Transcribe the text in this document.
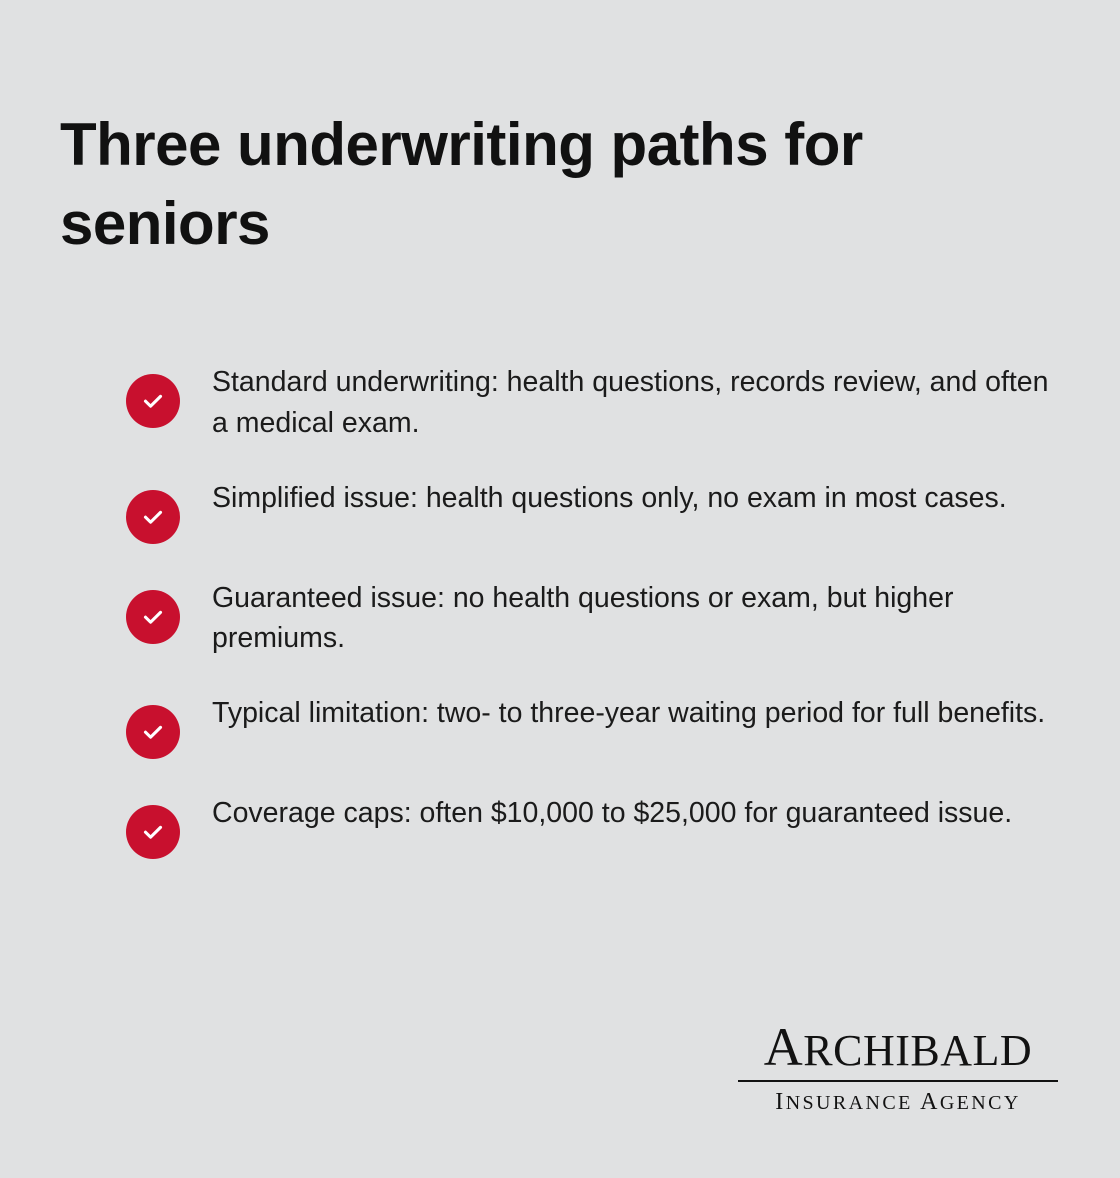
Three underwriting paths for seniors
Standard underwriting: health questions, records review, and often a medical exam.
Simplified issue: health questions only, no exam in most cases.
Guaranteed issue: no health questions or exam, but higher premiums.
Typical limitation: two- to three-year waiting period for full benefits.
Coverage caps: often $10,000 to $25,000 for guaranteed issue.
ARCHIBALD
INSURANCE AGENCY
